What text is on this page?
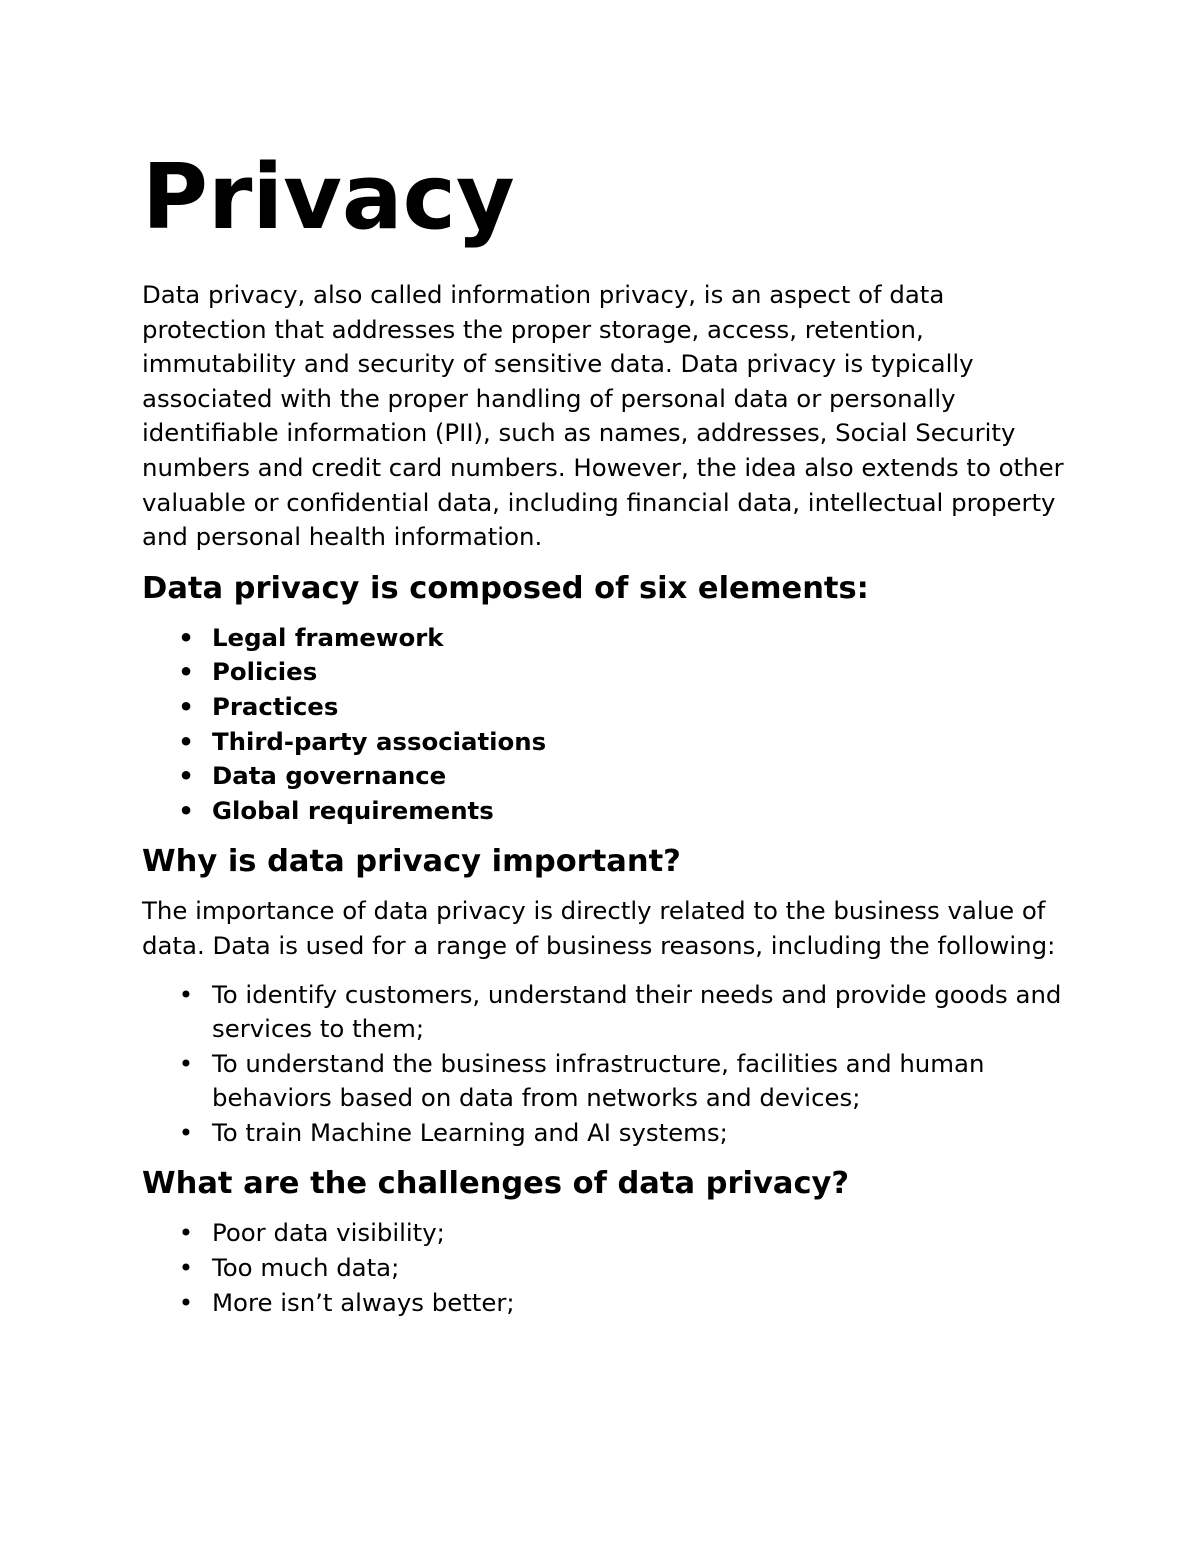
Privacy

Data privacy, also called information privacy, is an aspect of data protection that addresses the proper storage, access, retention, immutability and security of sensitive data. Data privacy is typically associated with the proper handling of personal data or personally identifiable information (PII), such as names, addresses, Social Security numbers and credit card numbers. However, the idea also extends to other valuable or confidential data, including financial data, intellectual property and personal health information.

Data privacy is composed of six elements:
• Legal framework
• Policies
• Practices
• Third-party associations
• Data governance
• Global requirements
Why is data privacy important?

The importance of data privacy is directly related to the business value of data. Data is used for a range of business reasons, including the following:

• To identify customers, understand their needs and provide goods and services to them;
• To understand the business infrastructure, facilities and human behaviors based on data from networks and devices;
• To train Machine Learning and AI systems;
What are the challenges of data privacy?
• Poor data visibility;
• Too much data;
• More isn’t always better;
